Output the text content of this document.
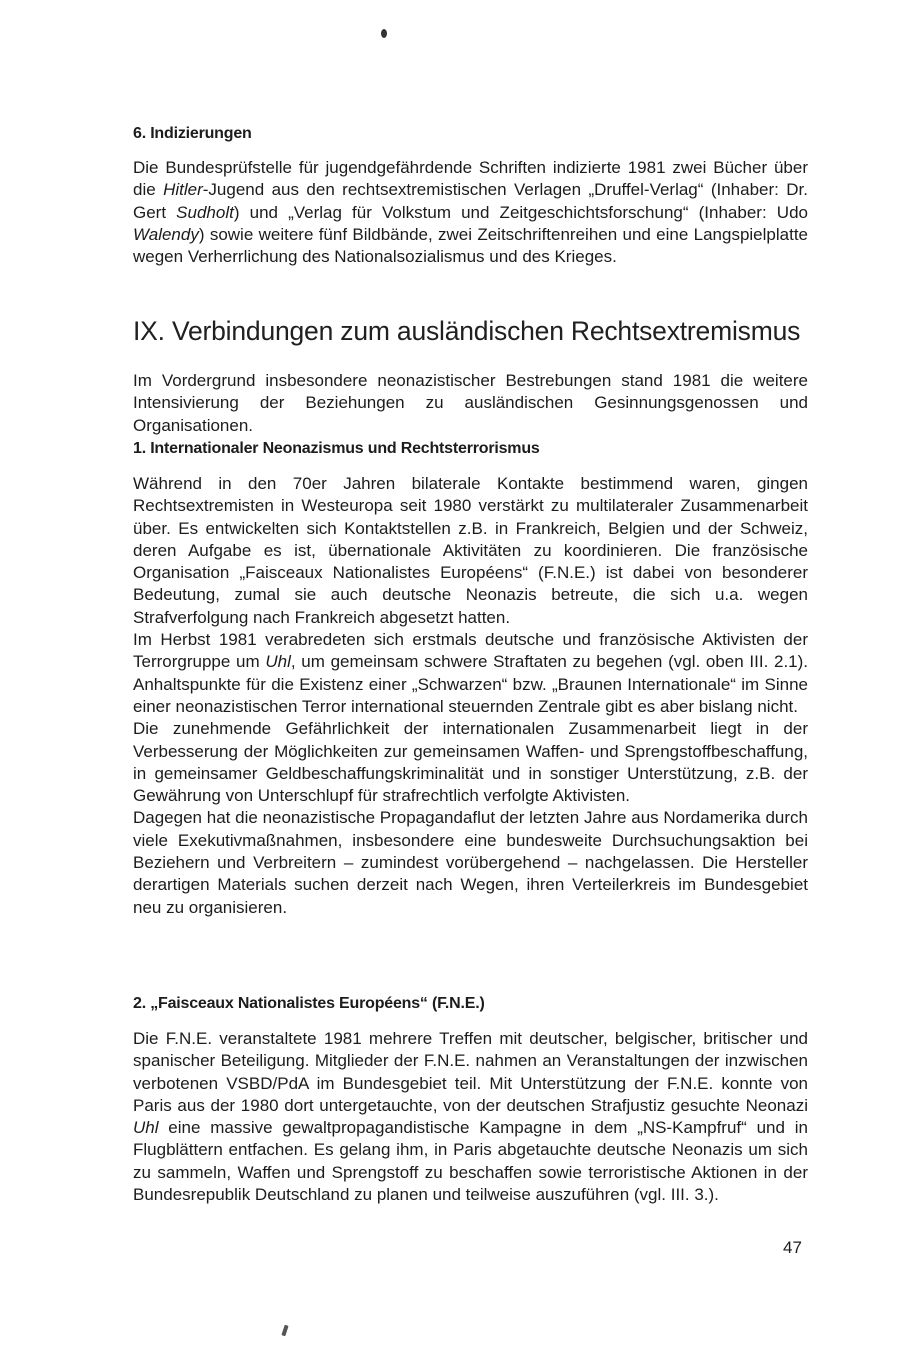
6. Indizierungen

Die Bundesprüfstelle für jugendgefährdende Schriften indizierte 1981 zwei Bücher über die Hitler-Jugend aus den rechtsextremistischen Verlagen „Druffel-Verlag“ (Inhaber: Dr. Gert Sudholt) und „Verlag für Volkstum und Zeitgeschichtsforschung“ (Inhaber: Udo Walendy) sowie weitere fünf Bildbände, zwei Zeitschriftenreihen und eine Langspielplatte wegen Verherrlichung des Nationalsozialismus und des Krieges.

IX. Verbindungen zum ausländischen Rechtsextremismus

Im Vordergrund insbesondere neonazistischer Bestrebungen stand 1981 die weitere Intensivierung der Beziehungen zu ausländischen Gesinnungsgenossen und Organisationen.

1. Internationaler Neonazismus und Rechtsterrorismus

Während in den 70er Jahren bilaterale Kontakte bestimmend waren, gingen Rechtsextremisten in Westeuropa seit 1980 verstärkt zu multilateraler Zusammenarbeit über. Es entwickelten sich Kontaktstellen z.B. in Frankreich, Belgien und der Schweiz, deren Aufgabe es ist, übernationale Aktivitäten zu koordinieren. Die französische Organisation „Faisceaux Nationalistes Européens“ (F.N.E.) ist dabei von besonderer Bedeutung, zumal sie auch deutsche Neonazis betreute, die sich u.a. wegen Strafverfolgung nach Frankreich abgesetzt hatten.

Im Herbst 1981 verabredeten sich erstmals deutsche und französische Aktivisten der Terrorgruppe um Uhl, um gemeinsam schwere Straftaten zu begehen (vgl. oben III. 2.1). Anhaltspunkte für die Existenz einer „Schwarzen“ bzw. „Braunen Internationale“ im Sinne einer neonazistischen Terror international steuernden Zentrale gibt es aber bislang nicht.

Die zunehmende Gefährlichkeit der internationalen Zusammenarbeit liegt in der Verbesserung der Möglichkeiten zur gemeinsamen Waffen- und Sprengstoffbeschaffung, in gemeinsamer Geldbeschaffungskriminalität und in sonstiger Unterstützung, z.B. der Gewährung von Unterschlupf für strafrechtlich verfolgte Aktivisten.

Dagegen hat die neonazistische Propagandaflut der letzten Jahre aus Nordamerika durch viele Exekutivmaßnahmen, insbesondere eine bundesweite Durchsuchungsaktion bei Beziehern und Verbreitern – zumindest vorübergehend – nachgelassen. Die Hersteller derartigen Materials suchen derzeit nach Wegen, ihren Verteilerkreis im Bundesgebiet neu zu organisieren.

2. „Faisceaux Nationalistes Européens“ (F.N.E.)

Die F.N.E. veranstaltete 1981 mehrere Treffen mit deutscher, belgischer, britischer und spanischer Beteiligung. Mitglieder der F.N.E. nahmen an Veranstaltungen der inzwischen verbotenen VSBD/PdA im Bundesgebiet teil. Mit Unterstützung der F.N.E. konnte von Paris aus der 1980 dort untergetauchte, von der deutschen Strafjustiz gesuchte Neonazi Uhl eine massive gewaltpropagandistische Kampagne in dem „NS-Kampfruf“ und in Flugblättern entfachen. Es gelang ihm, in Paris abgetauchte deutsche Neonazis um sich zu sammeln, Waffen und Sprengstoff zu beschaffen sowie terroristische Aktionen in der Bundesrepublik Deutschland zu planen und teilweise auszuführen (vgl. III. 3.).

47
